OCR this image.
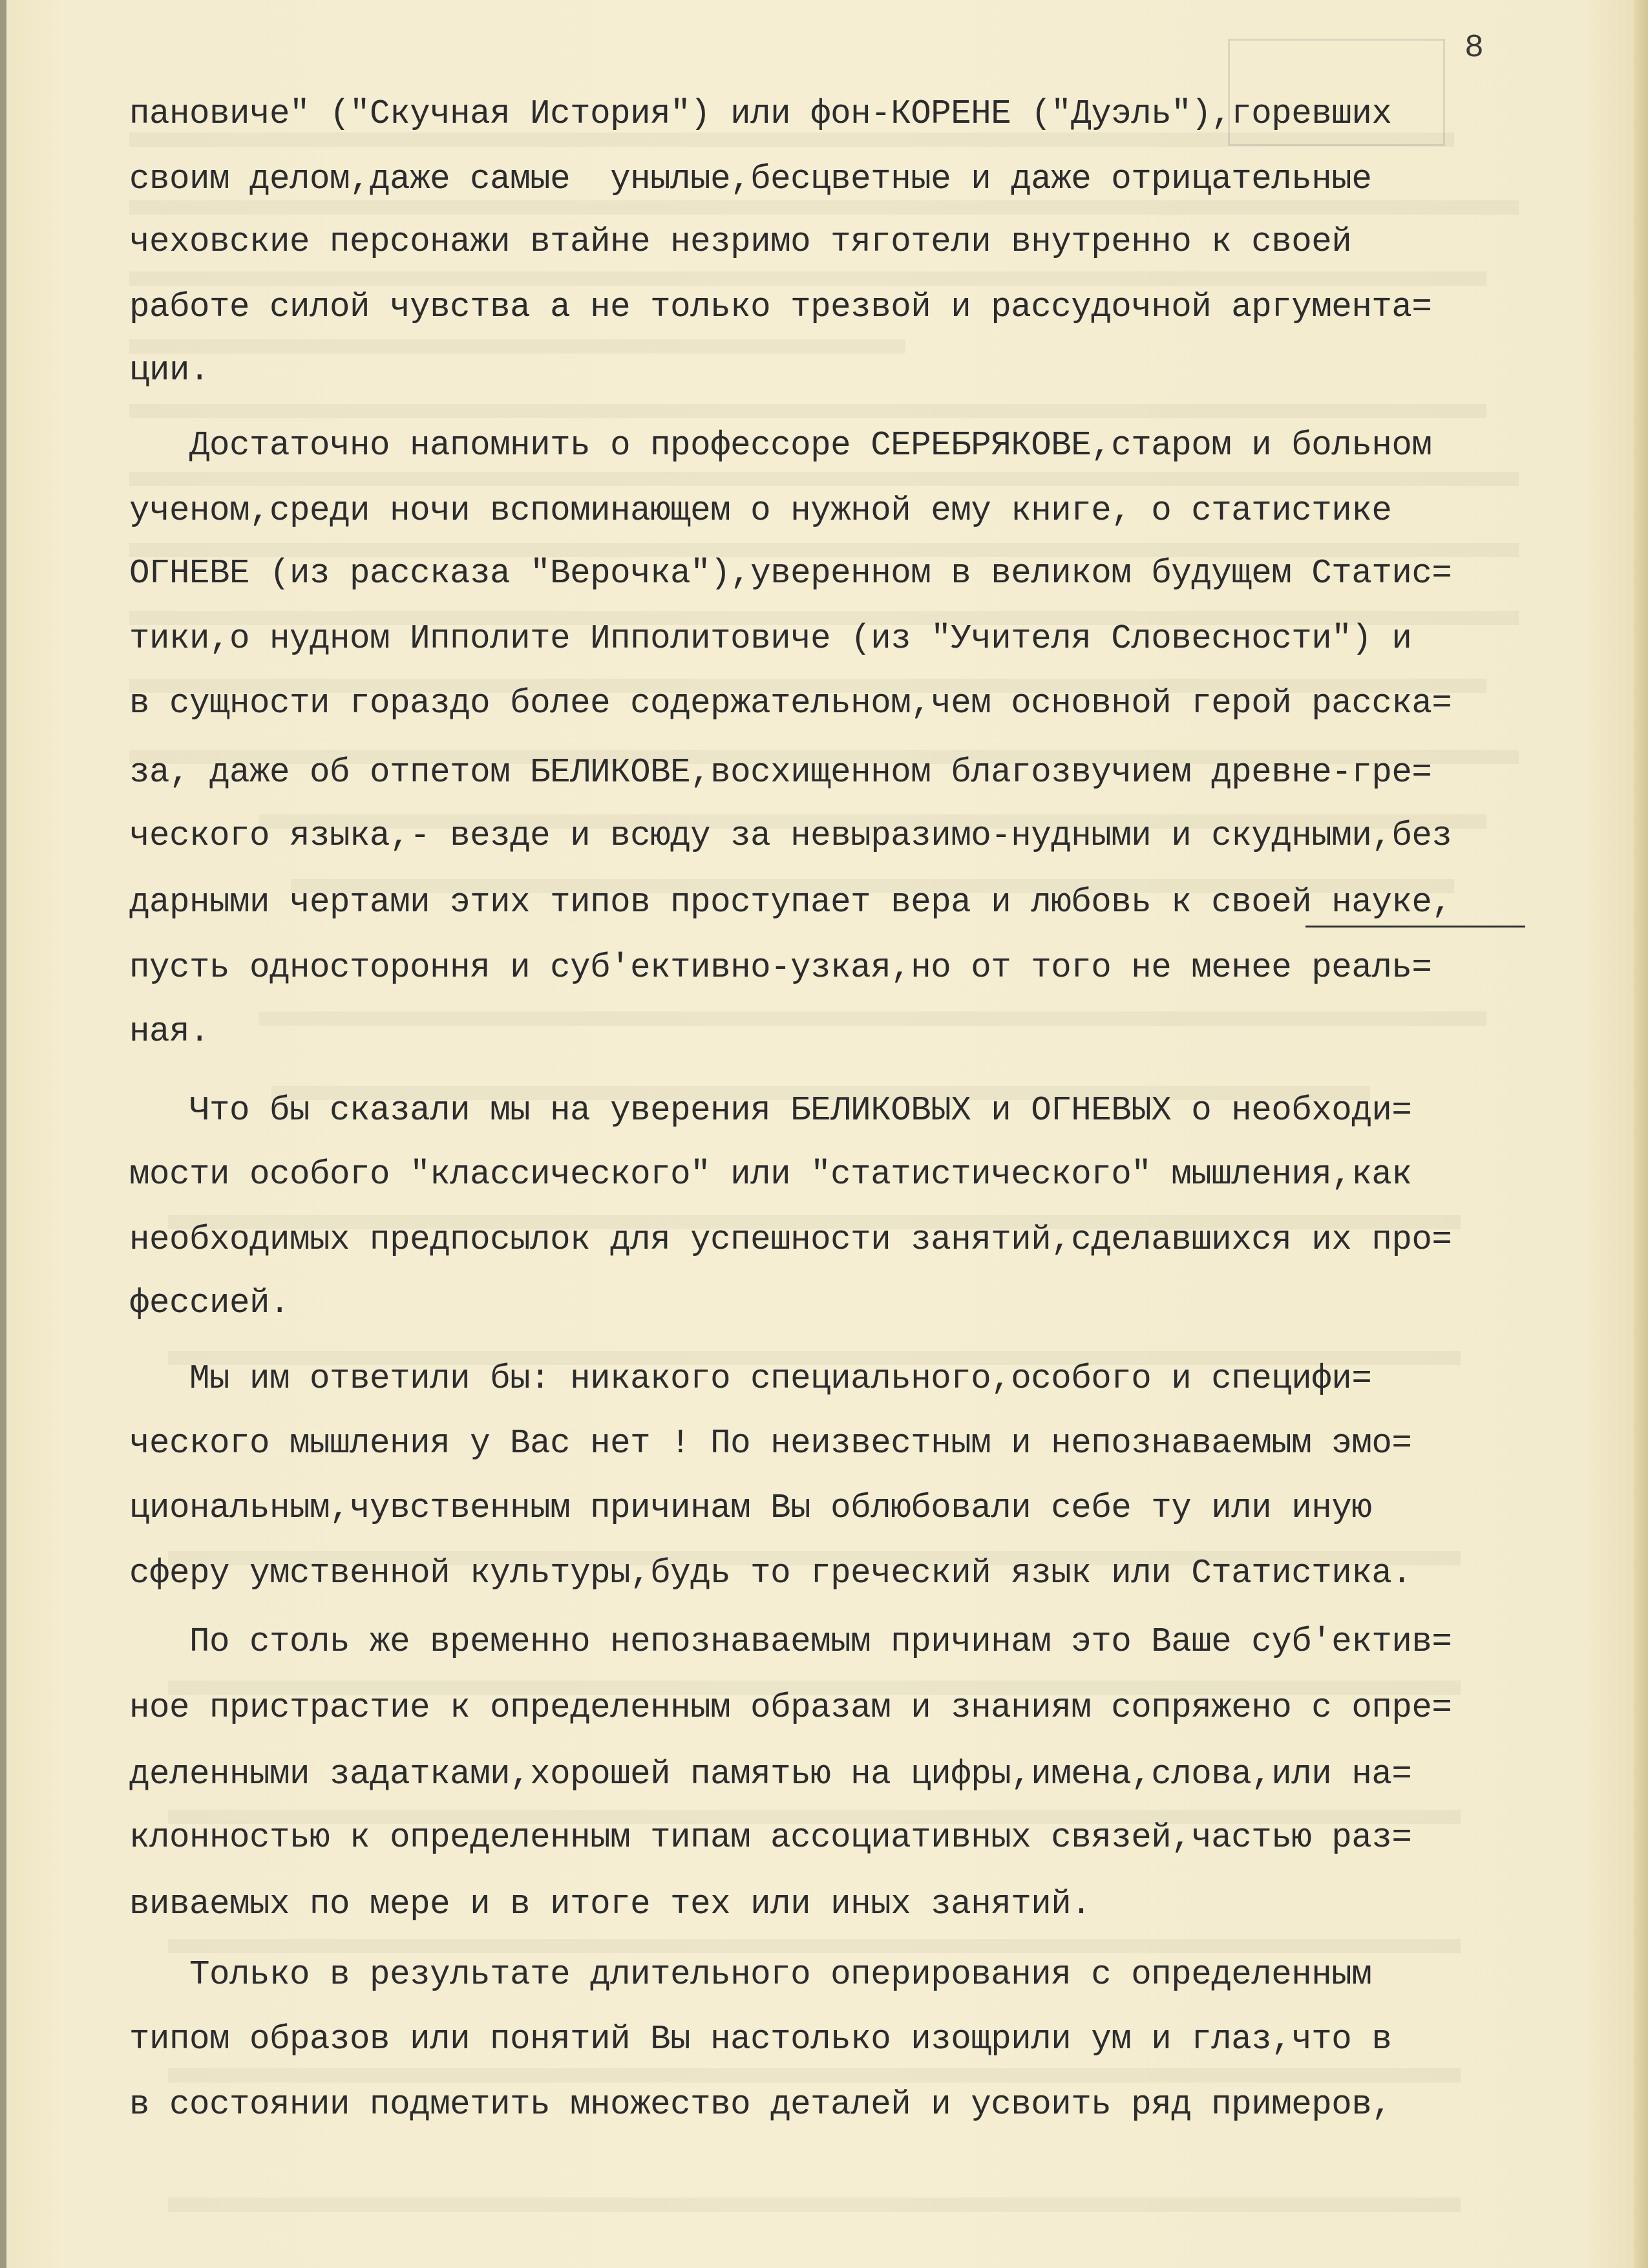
8
пановиче" ("Скучная История") или фон-КОРЕНЕ ("Дуэль"),горевших
своим делом,даже самые  унылые,бесцветные и даже отрицательные
чеховские персонажи втайне незримо тяготели внутренно к своей
работе силой чувства а не только трезвой и рассудочной аргумента=
ции.
Достаточно напомнить о профессоре СЕРЕБРЯКОВЕ,старом и больном
ученом,среди ночи вспоминающем о нужной ему книге, о статистике
ОГНЕВЕ (из рассказа "Верочка"),уверенном в великом будущем Статис=
тики,о нудном Ипполите Ипполитовиче (из "Учителя Словесности") и
в сущности гораздо более содержательном,чем основной герой расска=
за, даже об отпетом БЕЛИКОВЕ,восхищенном благозвучием древне-гре=
ческого языка,- везде и всюду за невыразимо-нудными и скудными,без
дарными чертами этих типов проступает вера и любовь к своей науке,
пусть одностороння и суб'ективно-узкая,но от того не менее реаль=
ная.
Что бы сказали мы на уверения БЕЛИКОВЫХ и ОГНЕВЫХ о необходи=
мости особого "классического" или "статистического" мышления,как
необходимых предпосылок для успешности занятий,сделавшихся их про=
фессией.
Мы им ответили бы: никакого специального,особого и специфи=
ческого мышления у Вас нет ! По неизвестным и непознаваемым эмо=
циональным,чувственным причинам Вы облюбовали себе ту или иную
сферу умственной культуры,будь то греческий язык или Статистика.
По столь же временно непознаваемым причинам это Ваше суб'ектив=
ное пристрастие к определенным образам и знаниям сопряжено с опре=
деленными задатками,хорошей памятью на цифры,имена,слова,или на=
клонностью к определенным типам ассоциативных связей,частью раз=
виваемых по мере и в итоге тех или иных занятий.
Только в результате длительного оперирования с определенным
типом образов или понятий Вы настолько изощрили ум и глаз,что в
в состоянии подметить множество деталей и усвоить ряд примеров,
